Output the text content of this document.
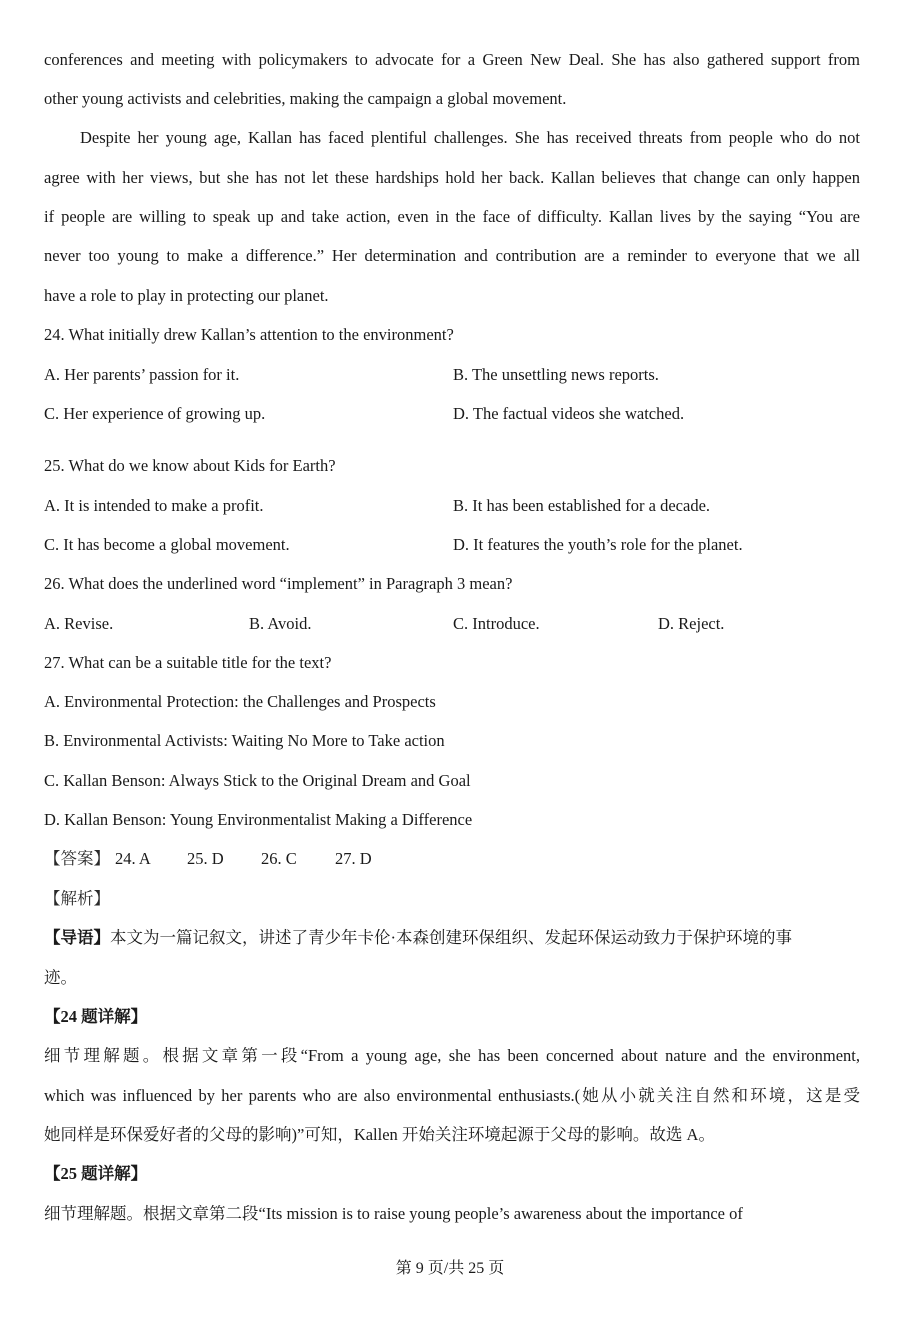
conferences and meeting with policymakers to advocate for a Green New Deal. She has also gathered support from
other young activists and celebrities, making the campaign a global movement.
Despite her young age, Kallan has faced plentiful challenges. She has received threats from people who do not
agree with her views, but she has not let these hardships hold her back. Kallan believes that change can only happen
if people are willing to speak up and take action, even in the face of difficulty. Kallan lives by the saying “You are
never too young to make a difference.” Her determination and contribution are a reminder to everyone that we all
have a role to play in protecting our planet.
24. What initially drew Kallan’s attention to the environment?
A. Her parents’ passion for it.	B. The unsettling news reports.
C. Her experience of growing up.	D. The factual videos she watched.
25. What do we know about Kids for Earth?
A. It is intended to make a profit.	B. It has been established for a decade.
C. It has become a global movement.	D. It features the youth’s role for the planet.
26. What does the underlined word “implement” in Paragraph 3 mean?
A. Revise.	B. Avoid.	C. Introduce.	D. Reject.
27. What can be a suitable title for the text?
A. Environmental Protection: the Challenges and Prospects
B. Environmental Activists: Waiting No More to Take action
C. Kallan Benson: Always Stick to the Original Dream and Goal
D. Kallan Benson: Young Environmentalist Making a Difference
【答案】 24. A 25. D 26. C 27. D
【解析】
【导语】本文为一篇记叙文，讲述了青少年卡伦·本森创建环保组织、发起环保运动致力于保护环境的事
迹。
【24 题详解】
细节理解题。根据文章第一段“From a young age, she has been concerned about nature and the environment,
which was influenced by her parents who are also environmental enthusiasts.(她从小就关注自然和环境，这是受
她同样是环保爱好者的父母的影响)”可知，Kallen 开始关注环境起源于父母的影响。故选 A。
【25 题详解】
细节理解题。根据文章第二段“Its mission is to raise young people’s awareness about the importance of
第 9 页/共 25 页
